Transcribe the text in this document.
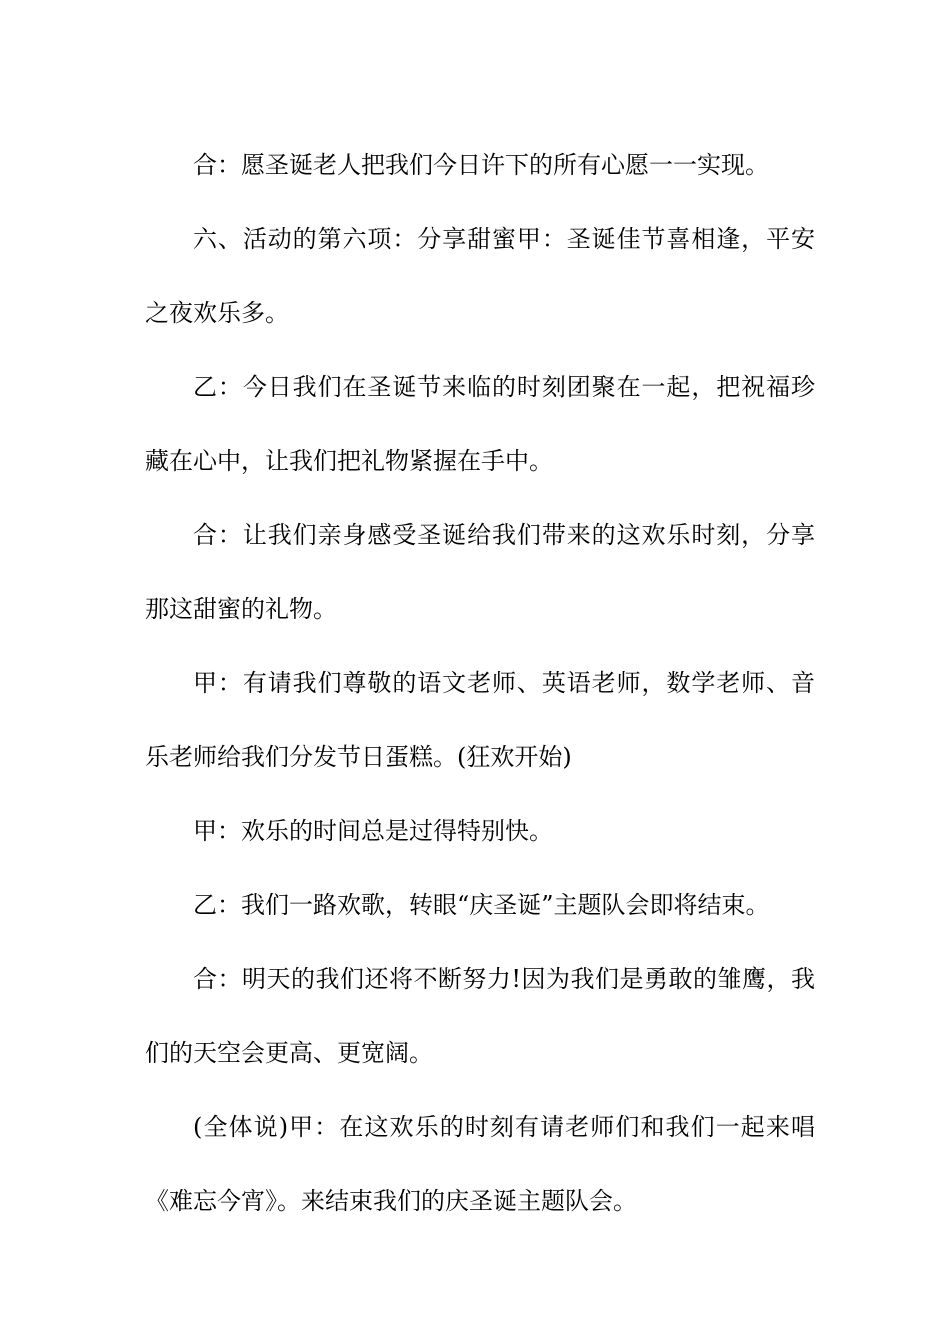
合：愿圣诞老人把我们今日许下的所有心愿一一实现。

六、活动的第六项：分享甜蜜甲：圣诞佳节喜相逢，平安之夜欢乐多。

乙：今日我们在圣诞节来临的时刻团聚在一起，把祝福珍藏在心中，让我们把礼物紧握在手中。

合：让我们亲身感受圣诞给我们带来的这欢乐时刻，分享那这甜蜜的礼物。

甲：有请我们尊敬的语文老师、英语老师，数学老师、音乐老师给我们分发节日蛋糕。(狂欢开始)

甲：欢乐的时间总是过得特别快。

乙：我们一路欢歌，转眼“庆圣诞”主题队会即将结束。

合：明天的我们还将不断努力!因为我们是勇敢的雏鹰，我们的天空会更高、更宽阔。

(全体说)甲：在这欢乐的时刻有请老师们和我们一起来唱《难忘今宵》。来结束我们的庆圣诞主题队会。
